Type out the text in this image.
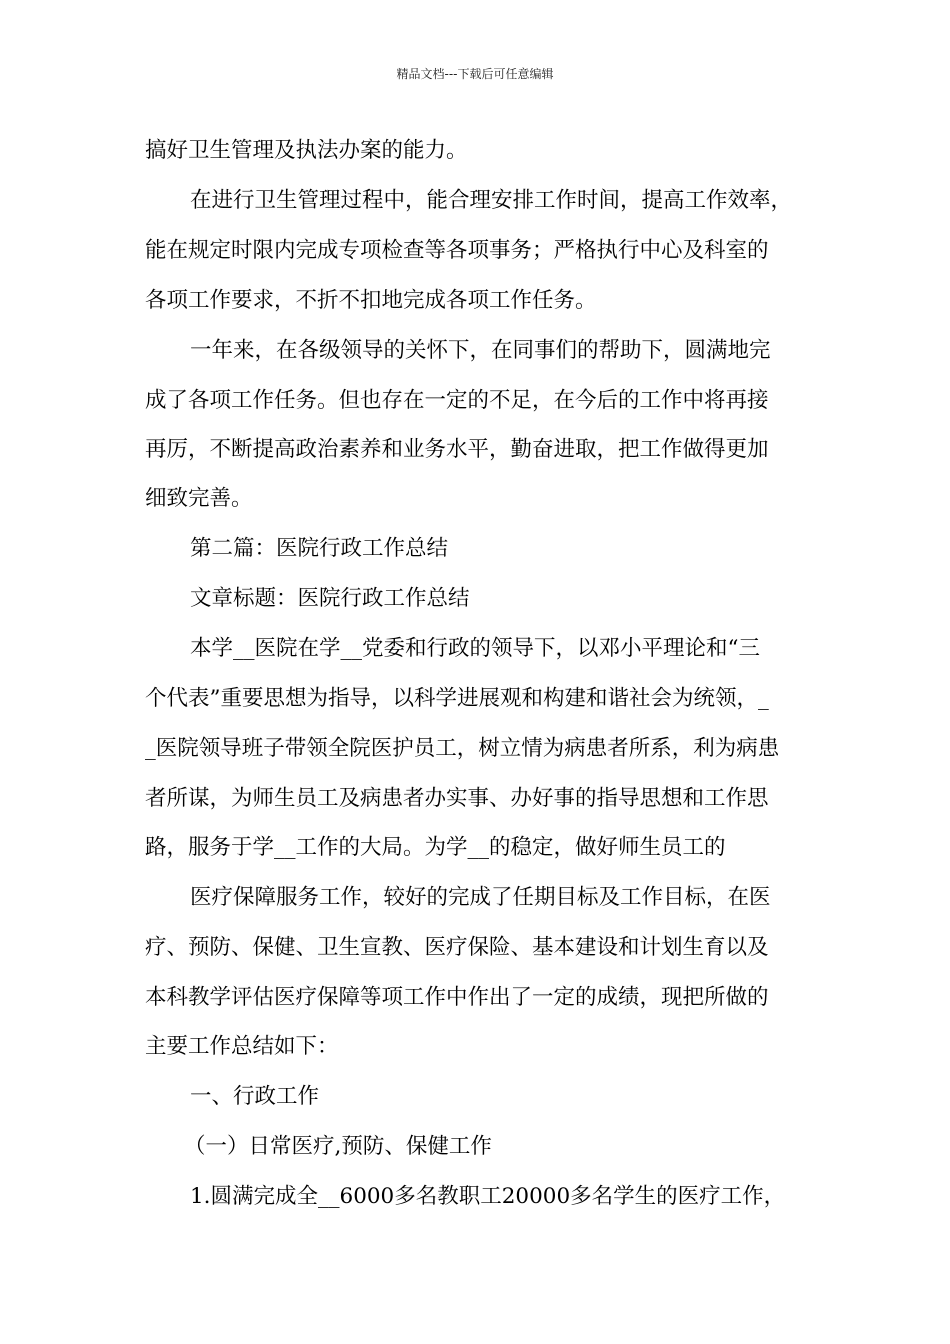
精品文档---下载后可任意编辑
搞好卫生管理及执法办案的能力。
在进行卫生管理过程中，能合理安排工作时间，提高工作效率，
能在规定时限内完成专项检查等各项事务；严格执行中心及科室的
各项工作要求，不折不扣地完成各项工作任务。
一年来，在各级领导的关怀下，在同事们的帮助下，圆满地完
成了各项工作任务。但也存在一定的不足，在今后的工作中将再接
再厉，不断提高政治素养和业务水平，勤奋进取，把工作做得更加
细致完善。
第二篇：医院行政工作总结
文章标题：医院行政工作总结
本学__医院在学__党委和行政的领导下，以邓小平理论和“三
个代表”重要思想为指导，以科学进展观和构建和谐社会为统领，_
_医院领导班子带领全院医护员工，树立情为病患者所系，利为病患
者所谋，为师生员工及病患者办实事、办好事的指导思想和工作思
路，服务于学__工作的大局。为学__的稳定，做好师生员工的
医疗保障服务工作，较好的完成了任期目标及工作目标，在医
疗、预防、保健、卫生宣教、医疗保险、基本建设和计划生育以及
本科教学评估医疗保障等项工作中作出了一定的成绩，现把所做的
主要工作总结如下：
一、行政工作
（一）日常医疗,预防、保健工作
1.圆满完成全__6000多名教职工20000多名学生的医疗工作，
